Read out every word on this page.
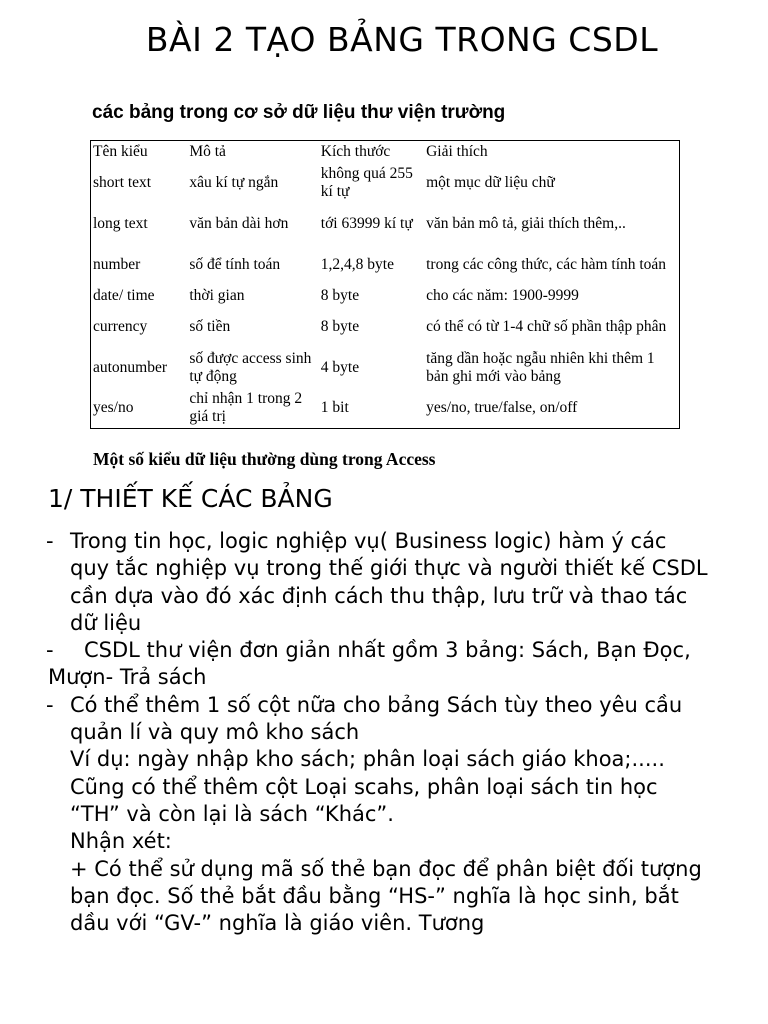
BÀI 2 TẠO BẢNG TRONG CSDL
các bảng trong cơ sở dữ liệu thư viện trường
Tên kiểu	Mô tả	Kích thước	Giải thích
short text	xâu kí tự ngắn	không quá 255 kí tự	một mục dữ liệu chữ
long text	văn bản dài hơn	tới 63999 kí tự	văn bản mô tả, giải thích thêm,..
number	số để tính toán	1,2,4,8 byte	trong các công thức, các hàm tính toán
date/ time	thời gian	8 byte	cho các năm: 1900-9999
currency	số tiền	8 byte	có thể có từ 1-4 chữ số phần thập phân
autonumber	số được access sinh tự động	4 byte	tăng dần hoặc ngẫu nhiên khi thêm 1 bản ghi mới vào bảng
yes/no	chỉ nhận 1 trong 2 giá trị	1 bit	yes/no, true/false, on/off
Một số kiểu dữ liệu thường dùng trong Access
1/ THIẾT KẾ CÁC BẢNG
- Trong tin học, logic nghiệp vụ( Business logic) hàm ý các quy tắc nghiệp vụ trong thế giới thực và người thiết kế CSDL cần dựa vào đó xác định cách thu thập, lưu trữ và thao tác dữ liệu
-	CSDL thư viện đơn giản nhất gồm 3 bảng: Sách, Bạn Đọc, Mượn- Trả sách
- Có thể thêm 1 số cột nữa cho bảng Sách tùy theo yêu cầu quản lí và quy mô kho sách
Ví dụ: ngày nhập kho sách; phân loại sách giáo khoa;.....
Cũng có thể thêm cột Loại scahs, phân loại sách tin học “TH” và còn lại là sách “Khác”.
Nhận xét:
+ Có thể sử dụng mã số thẻ bạn đọc để phân biệt đối tượng bạn đọc. Số thẻ bắt đầu bằng “HS-” nghĩa là học sinh, bắt dầu với “GV-” nghĩa là giáo viên. Tương
